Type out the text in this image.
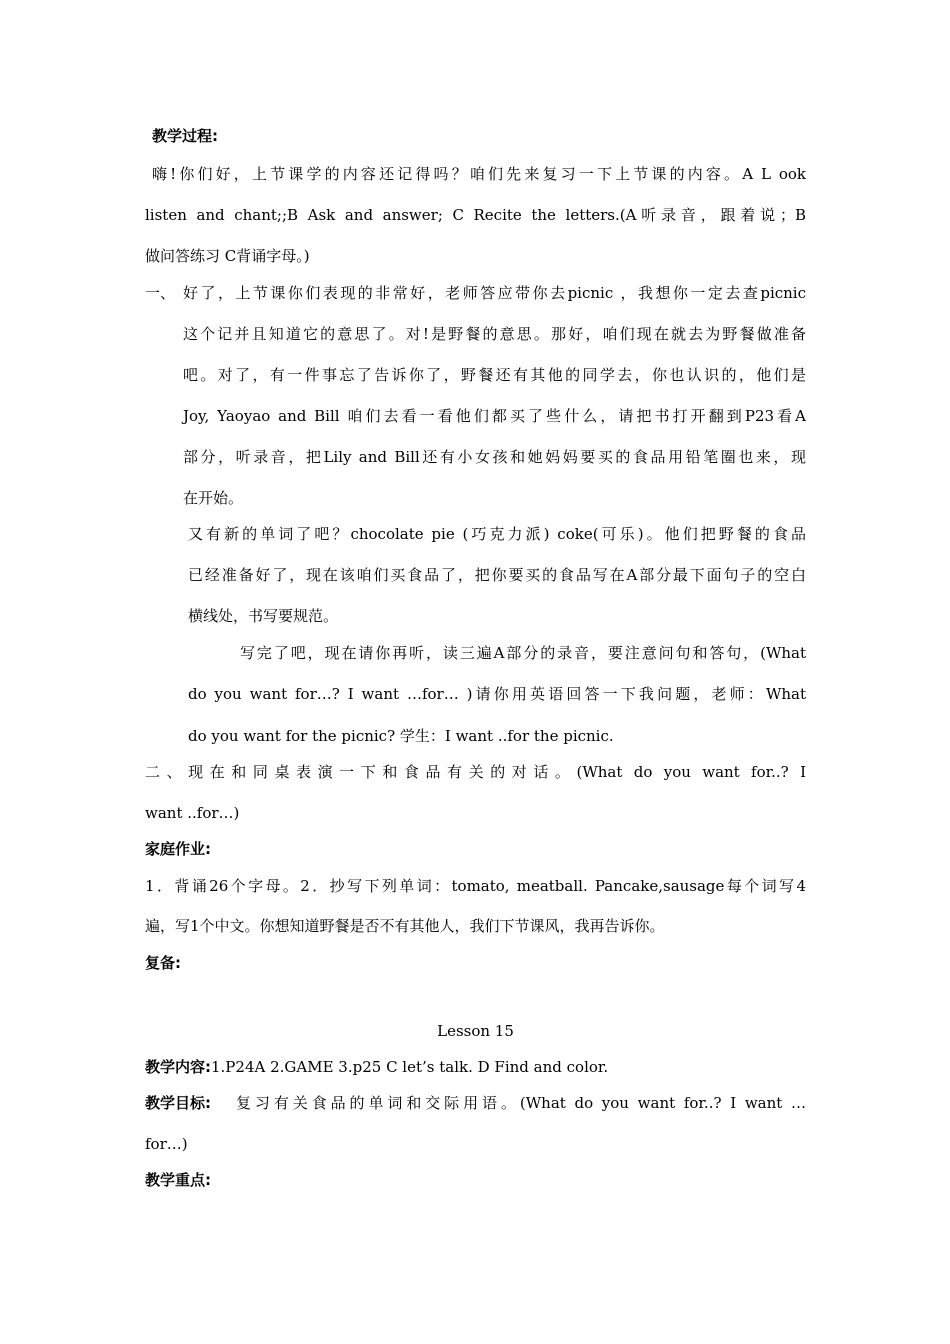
教学过程:
嗨!你们好，上节课学的内容还记得吗？咱们先来复习一下上节课的内容。A L ook
listen and chant;;B Ask and answer; C Recite the letters.(A听录音，跟着说；B
做问答练习 C背诵字母。)
一、 好了，上节课你们表现的非常好，老师答应带你去picnic ，我想你一定去查picnic
这个记并且知道它的意思了。对!是野餐的意思。那好，咱们现在就去为野餐做准备
吧。对了，有一件事忘了告诉你了，野餐还有其他的同学去，你也认识的，他们是
Joy, Yaoyao and Bill 咱们去看一看他们都买了些什么，请把书打开翻到P23看A
部分，听录音，把Lily and Bill还有小女孩和她妈妈要买的食品用铅笔圈也来，现
在开始。
又有新的单词了吧？chocolate pie (巧克力派) coke(可乐)。他们把野餐的食品
已经准备好了，现在该咱们买食品了，把你要买的食品写在A部分最下面句子的空白
横线处，书写要规范。
写完了吧，现在请你再听，读三遍A部分的录音，要注意问句和答句，(What
do you want for…? I want …for… )请你用英语回答一下我问题，老师：What
do you want for the picnic? 学生：I want ..for the picnic.
二、现在和同桌表演一下和食品有关的对话。(What do you want for..? I
want ..for…)
家庭作业:
1．背诵26个字母。2．抄写下列单词：tomato, meatball. Pancake,sausage每个词写4
遍，写1个中文。你想知道野餐是否不有其他人，我们下节课风，我再告诉你。
复备:
Lesson 15
教学内容:1.P24A 2.GAME 3.p25 C let’s talk. D Find and color.
教学目标:	复习有关食品的单词和交际用语。(What do you want for..? I want …
for…)
教学重点:
